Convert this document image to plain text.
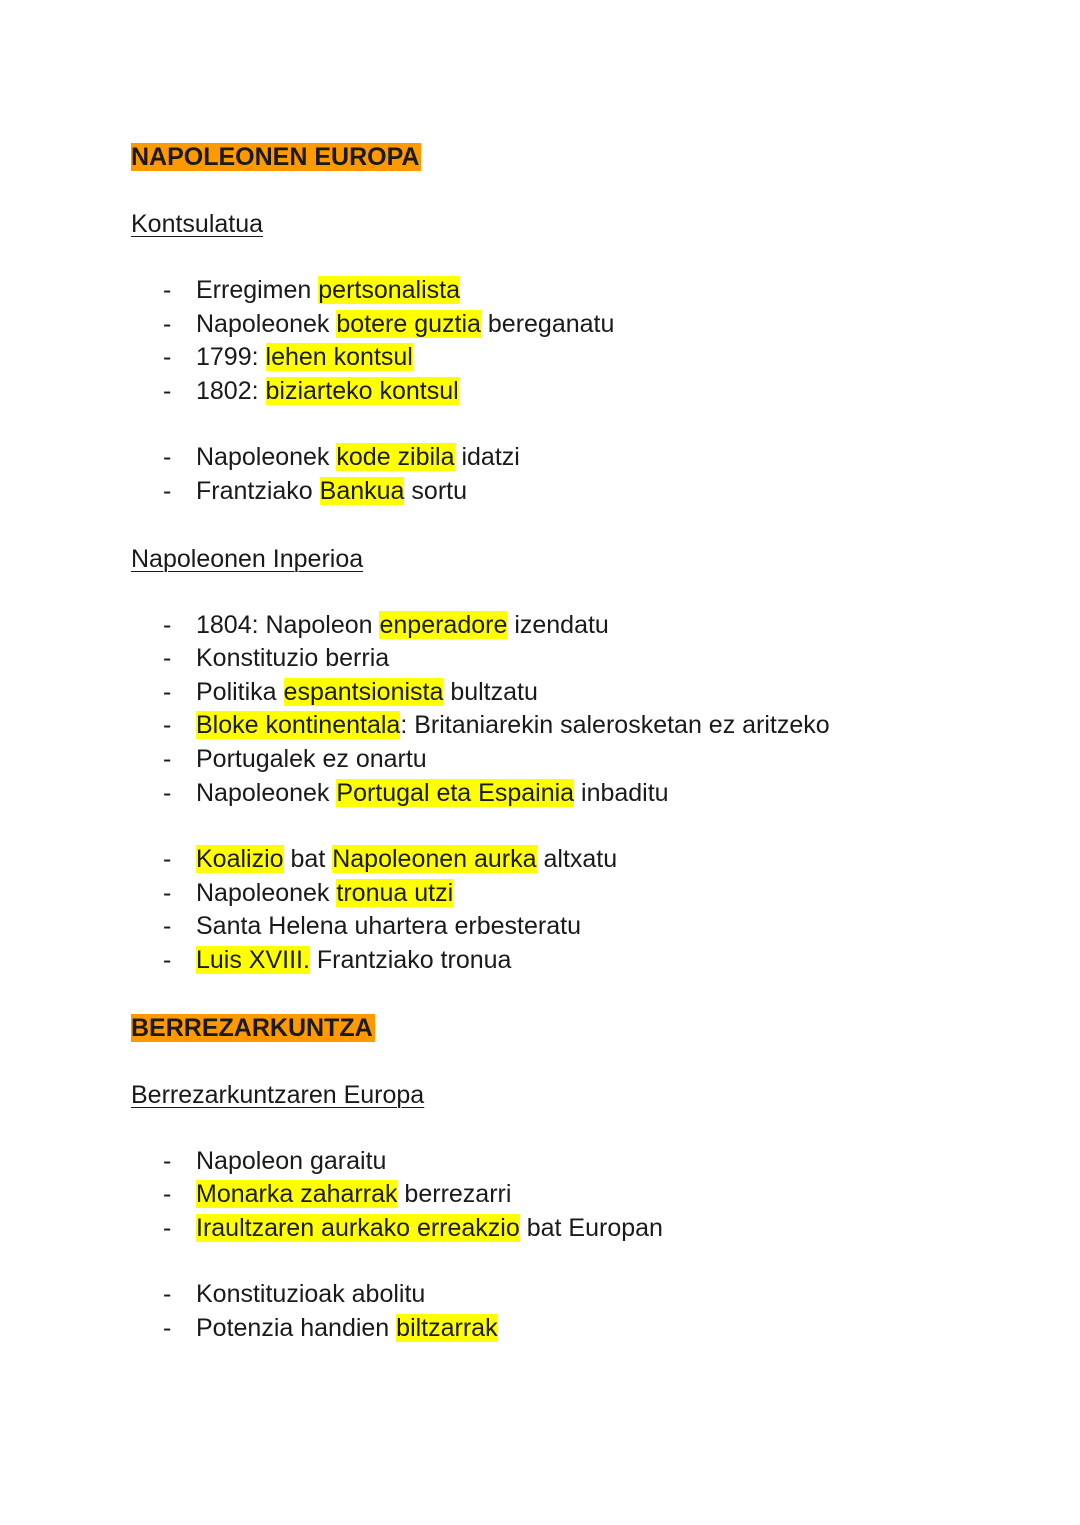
NAPOLEONEN EUROPA
Kontsulatua
- Erregimen pertsonalista
- Napoleonek botere guztia bereganatu
- 1799: lehen kontsul
- 1802: biziarteko kontsul
- Napoleonek kode zibila idatzi
- Frantziako Bankua sortu
Napoleonen Inperioa
- 1804: Napoleon enperadore izendatu
- Konstituzio berria
- Politika espantsionista bultzatu
- Bloke kontinentala: Britaniarekin salerosketan ez aritzeko
- Portugalek ez onartu
- Napoleonek Portugal eta Espainia inbaditu
- Koalizio bat Napoleonen aurka altxatu
- Napoleonek tronua utzi
- Santa Helena uhartera erbesteratu
- Luis XVIII. Frantziako tronua
BERREZARKUNTZA
Berrezarkuntzaren Europa
- Napoleon garaitu
- Monarka zaharrak berrezarri
- Iraultzaren aurkako erreakzio bat Europan
- Konstituzioak abolitu
- Potenzia handien biltzarrak
